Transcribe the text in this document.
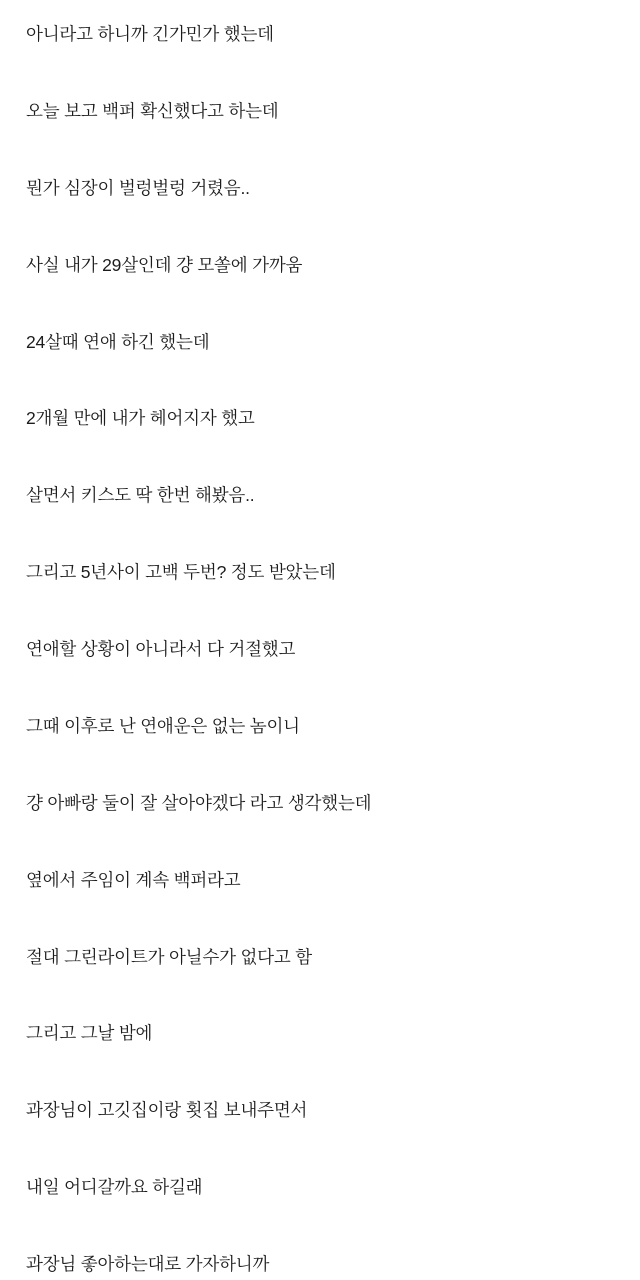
아니라고 하니까 긴가민가 했는데

오늘 보고 백퍼 확신했다고 하는데

뭔가 심장이 벌렁벌렁 거렸음..

사실 내가 29살인데 걍 모쏠에 가까움

24살때 연애 하긴 했는데

2개월 만에 내가 헤어지자 했고

살면서 키스도 딱 한번 해봤음..

그리고 5년사이 고백 두번? 정도 받았는데

연애할 상황이 아니라서 다 거절했고

그때 이후로 난 연애운은 없는 놈이니

걍 아빠랑 둘이 잘 살아야겠다 라고 생각했는데

옆에서 주임이 계속 백퍼라고

절대 그린라이트가 아닐수가 없다고 함

그리고 그날 밤에

과장님이 고깃집이랑 횟집 보내주면서

내일 어디갈까요 하길래

과장님 좋아하는대로 가자하니까
